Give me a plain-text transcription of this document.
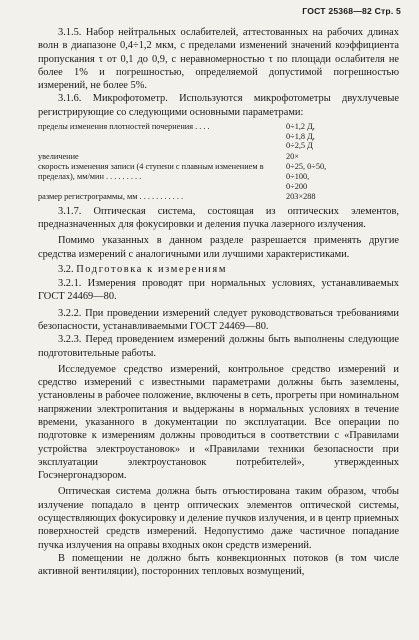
ГОСТ 25368—82 Стр. 5

3.1.5. Набор нейтральных ослабителей, аттестованных на рабочих длинах волн в диапазоне 0,4÷1,2 мкм, с пределами изменений значений коэффициента пропускания τ от 0,1 до 0,9, с неравномерностью τ по площади ослабителя не более 1% и погрешностью, определяемой допустимой погрешностью измерений, не более 5%.

3.1.6. Микрофотометр. Используются микрофотометры двухлучевые регистрирующие со следующими основными параметрами:

пределы изменения плотностей почернения . . . .	0÷1,2 Д,
0÷1,8 Д,
0÷2,5 Д
увеличение	20×
скорость изменения записи (4 ступени с плавным изменением в пределах), мм/мин . . . . . . . . .
0÷25, 0÷50,
0÷100,
0÷200
размер регистрограммы, мм . . . . . . . . . . .	203×288

3.1.7. Оптическая система, состоящая из оптических элементов, предназначенных для фокусировки и деления пучка лазерного излучения.

Помимо указанных в данном разделе разрешается применять другие средства измерений с аналогичными или лучшими характеристиками.

3.2. Подготовка к измерениям

3.2.1. Измерения проводят при нормальных условиях, устанавливаемых ГОСТ 24469—80.

3.2.2. При проведении измерений следует руководствоваться требованиями безопасности, устанавливаемыми ГОСТ 24469—80.

3.2.3. Перед проведением измерений должны быть выполнены следующие подготовительные работы.

Исследуемое средство измерений, контрольное средство измерений и средство измерений с известными параметрами должны быть заземлены, установлены в рабочее положение, включены в сеть, прогреты при номинальном напряжении электропитания и выдержаны в нормальных условиях в течение времени, указанного в документации по эксплуатации. Все операции по подготовке к измерениям должны проводиться в соответствии с «Правилами устройства электроустановок» и «Правилами техники безопасности при эксплуатации электроустановок потребителей», утвержденных Госэнергонадзором.

Оптическая система должна быть отъюстирована таким образом, чтобы излучение попадало в центр оптических элементов оптической системы, осуществляющих фокусировку и деление пучков излучения, и в центр приемных поверхностей средств измерений. Недопустимо даже частичное попадание пучка излучения на оправы входных окон средств измерений.

В помещении не должно быть конвекционных потоков (в том числе активной вентиляции), посторонних тепловых возмущений,
